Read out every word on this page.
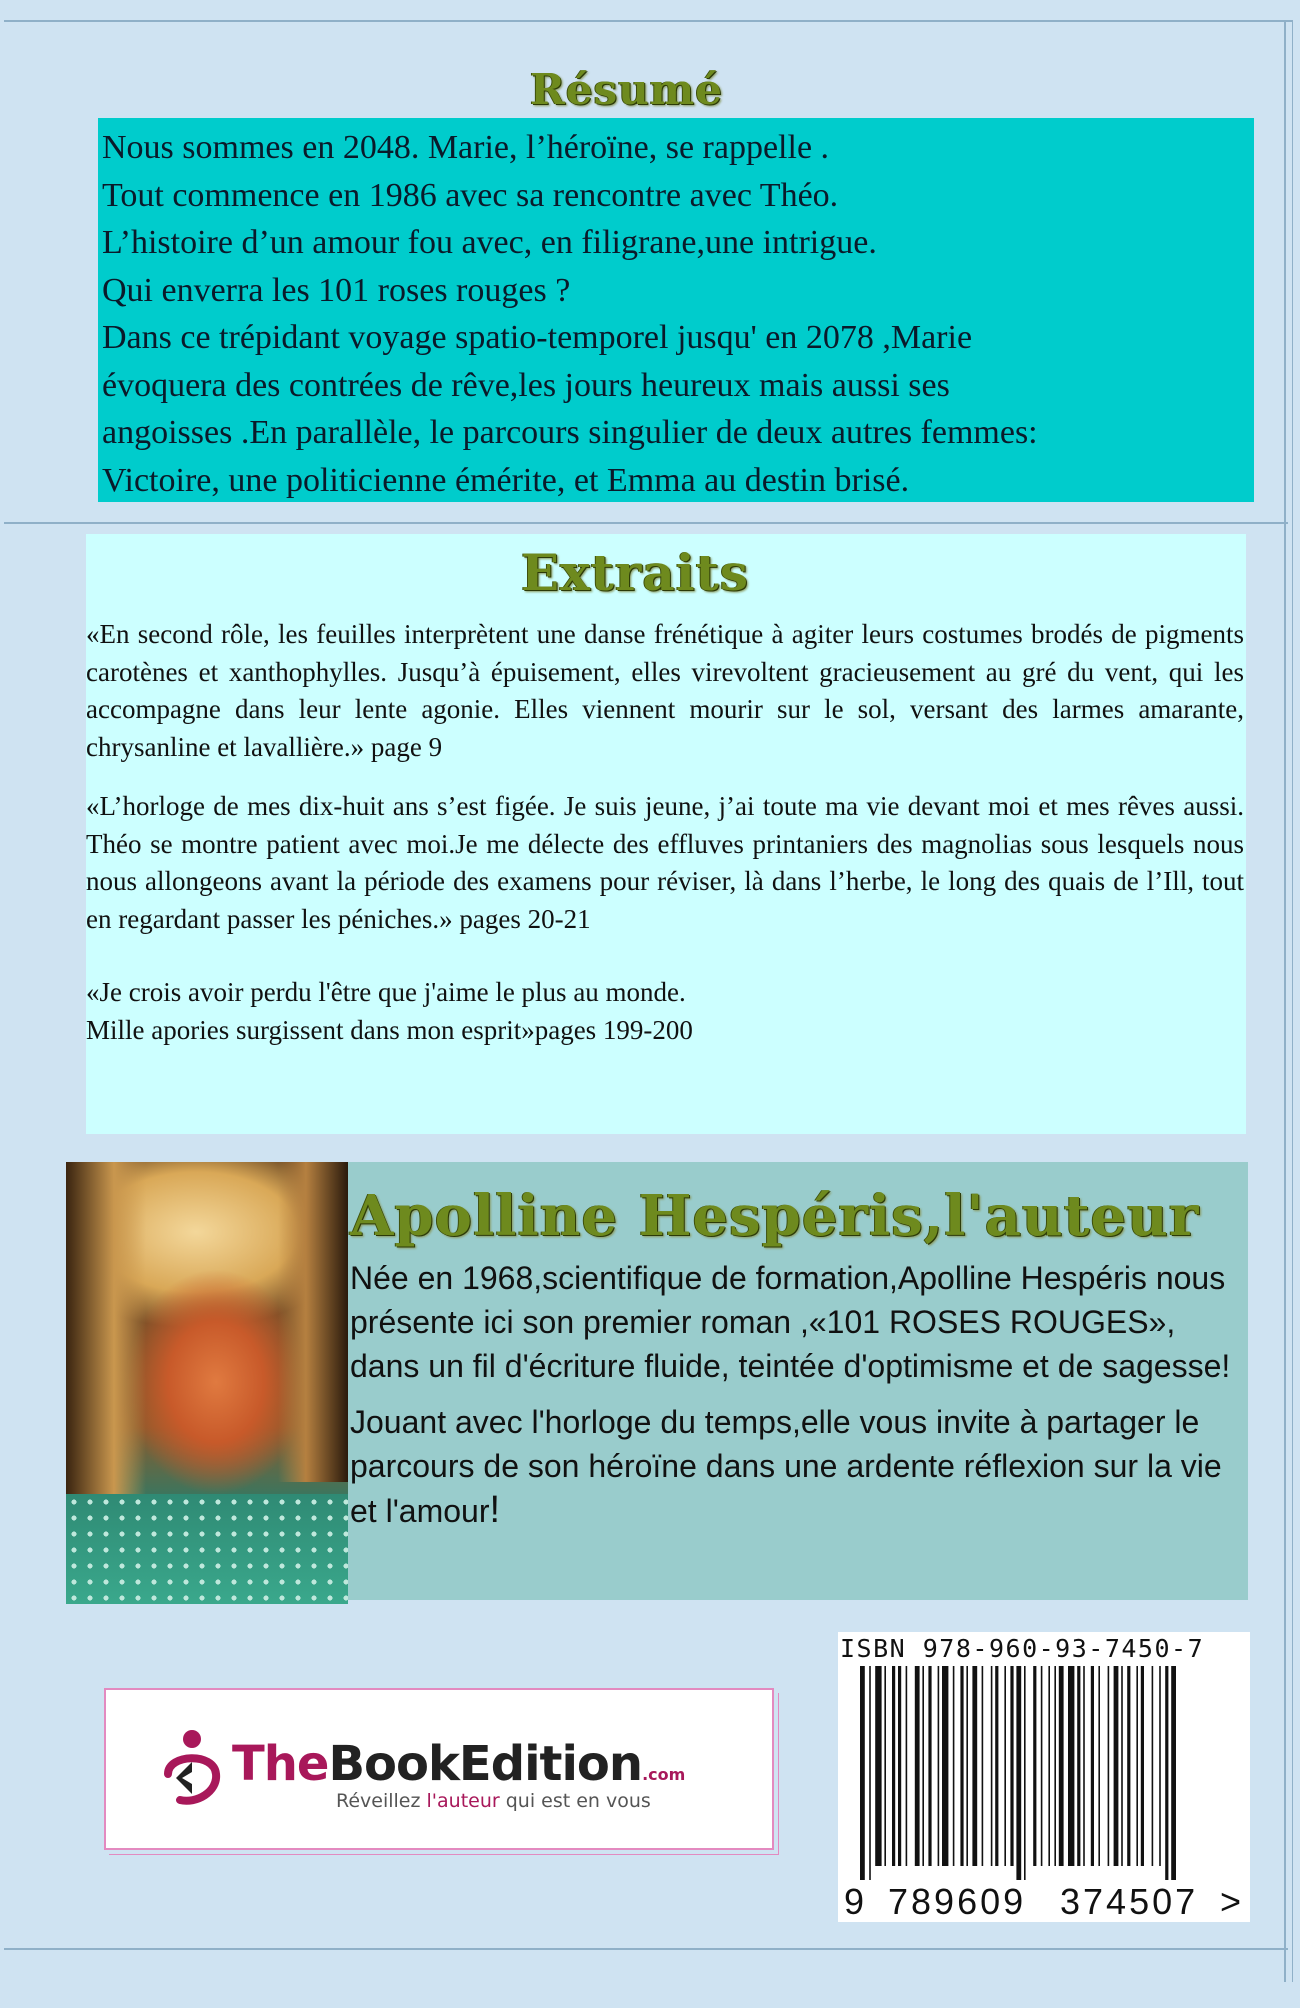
Résumé

Nous sommes en 2048. Marie, l’héroïne, se rappelle .

Tout commence en 1986 avec sa rencontre avec Théo.

L’histoire d’un amour fou avec, en filigrane,une intrigue.

Qui enverra les 101 roses rouges ?

Dans ce trépidant voyage spatio-temporel jusqu' en 2078 ,Marie

évoquera des contrées de rêve,les jours heureux mais aussi ses

angoisses .En parallèle, le parcours singulier de deux autres femmes:

Victoire, une politicienne émérite, et Emma au destin brisé.

Extraits

«En second rôle, les feuilles interprètent une danse frénétique à agiter leurs costumes brodés de pigments carotènes et xanthophylles. Jusqu’à épuisement, elles virevoltent gracieusement au gré du vent, qui les accompagne dans leur lente agonie. Elles viennent mourir sur le sol, versant des larmes amarante, chrysanline et lavallière.» page 9

«L’horloge de mes dix-huit ans s’est figée. Je suis jeune, j’ai toute ma vie devant moi et mes rêves aussi. Théo se montre patient avec moi.Je me délecte des effluves printaniers des magnolias sous lesquels nous nous allongeons avant la période des examens pour réviser, là dans l’herbe, le long des quais de l’Ill, tout en regardant passer les péniches.» pages 20-21

«Je crois avoir perdu l'être que j'aime le plus au monde.
Mille apories surgissent dans mon esprit»pages 199-200

Apolline Hespéris,l'auteur

Née en 1968,scientifique de formation,Apolline Hespéris nous présente ici son premier roman ,«101 ROSES ROUGES», dans un fil d'écriture fluide, teintée d'optimisme et de sagesse!

Jouant avec l'horloge du temps,elle vous invite à partager le parcours de son héroïne dans une ardente réflexion sur la vie et l'amour!

TheBookEdition.com
Réveillez l'auteur qui est en vous
ISBN 978-960-93-7450-7
9 789609 374507 >
